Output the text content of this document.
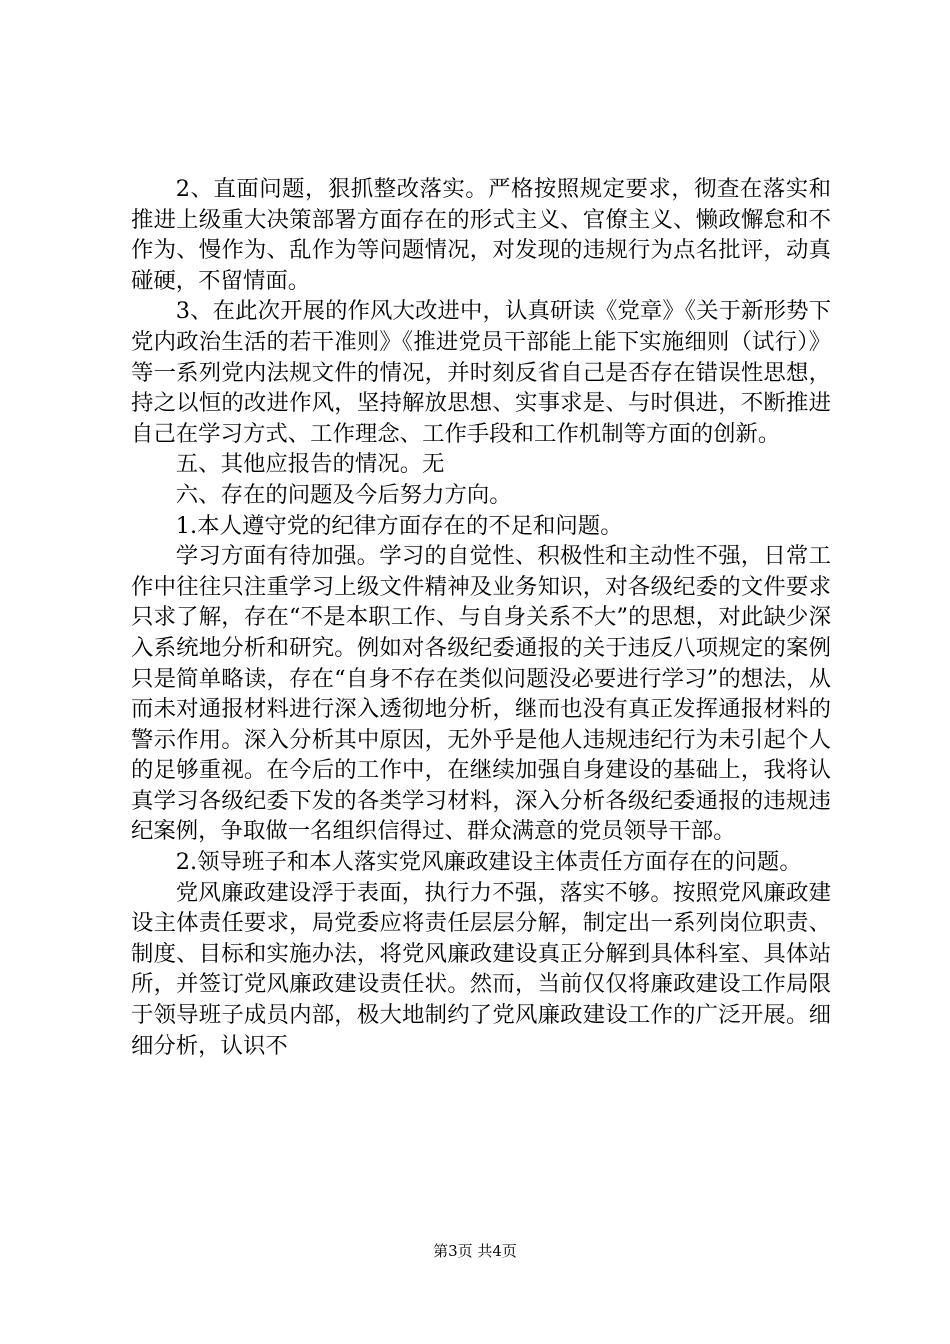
2、直面问题，狠抓整改落实。严格按照规定要求，彻查在落实和推进上级重大决策部署方面存在的形式主义、官僚主义、懒政懈怠和不作为、慢作为、乱作为等问题情况，对发现的违规行为点名批评，动真碰硬，不留情面。

3、在此次开展的作风大改进中，认真研读《党章》《关于新形势下党内政治生活的若干准则》《推进党员干部能上能下实施细则（试行）》等一系列党内法规文件的情况，并时刻反省自己是否存在错误性思想，持之以恒的改进作风，坚持解放思想、实事求是、与时俱进，不断推进自己在学习方式、工作理念、工作手段和工作机制等方面的创新。

五、其他应报告的情况。无

六、存在的问题及今后努力方向。

1.本人遵守党的纪律方面存在的不足和问题。

学习方面有待加强。学习的自觉性、积极性和主动性不强，日常工作中往往只注重学习上级文件精神及业务知识，对各级纪委的文件要求只求了解，存在“不是本职工作、与自身关系不大”的思想，对此缺少深入系统地分析和研究。例如对各级纪委通报的关于违反八项规定的案例只是简单略读，存在“自身不存在类似问题没必要进行学习”的想法，从而未对通报材料进行深入透彻地分析，继而也没有真正发挥通报材料的警示作用。深入分析其中原因，无外乎是他人违规违纪行为未引起个人的足够重视。在今后的工作中，在继续加强自身建设的基础上，我将认真学习各级纪委下发的各类学习材料，深入分析各级纪委通报的违规违纪案例，争取做一名组织信得过、群众满意的党员领导干部。

2.领导班子和本人落实党风廉政建设主体责任方面存在的问题。

党风廉政建设浮于表面，执行力不强，落实不够。按照党风廉政建设主体责任要求，局党委应将责任层层分解，制定出一系列岗位职责、制度、目标和实施办法，将党风廉政建设真正分解到具体科室、具体站所，并签订党风廉政建设责任状。然而，当前仅仅将廉政建设工作局限于领导班子成员内部，极大地制约了党风廉政建设工作的广泛开展。细细分析，认识不

第3页 共4页
